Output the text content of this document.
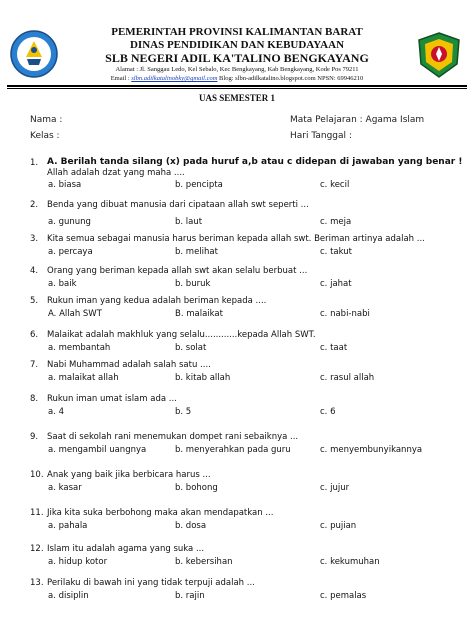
PEMERINTAH PROVINSI KALIMANTAN BARAT
DINAS PENDIDIKAN DAN KEBUDAYAAN
SLB NEGERI ADIL KA'TALINO BENGKAYANG
Alamat : Jl. Sanggau Ledo, Kel Sebalo, Kec Bengkayang, Kab Bengkayang, Kode Pos 79211
Email : slbn.adilkatalinobky@gmail.com Blog: slbn-adilkatalino.blogspot.com NPSN: 69946210
UAS SEMESTER 1
Nama :
Kelas :
Mata Pelajaran : Agama Islam
Hari Tanggal :
1. A. Berilah tanda silang (x) pada huruf a,b atau c didepan di jawaban yang benar !
Allah adalah dzat yang maha ....
a. biasa	b. pencipta	c. kecil
2. Benda yang dibuat manusia dari cipataan allah swt seperti ...
a. gunung	b. laut	c. meja
3. Kita semua sebagai manusia harus beriman kepada allah swt. Beriman artinya adalah ...
a. percaya	b. melihat	c. takut
4. Orang yang beriman kepada allah swt akan selalu berbuat ...
a. baik	b. buruk	c. jahat
5. Rukun iman yang kedua adalah beriman kepada ....
A. Allah SWT	B. malaikat	c. nabi-nabi
6. Malaikat adalah makhluk yang selalu............kepada Allah SWT.
a. membantah	b. solat	c. taat
7. Nabi Muhammad adalah salah satu ....
a. malaikat allah	b. kitab allah	c. rasul allah
8. Rukun iman umat islam ada ...
a. 4	b. 5	c. 6
9. Saat di sekolah rani menemukan dompet rani sebaiknya ...
a. mengambil uangnya	b. menyerahkan pada guru	c. menyembunyikannya
10. Anak yang baik jika berbicara harus ...
a. kasar	b. bohong	c. jujur
11. Jika kita suka berbohong maka akan mendapatkan ...
a. pahala	b. dosa	c. pujian
12. Islam itu adalah agama yang suka ...
a. hidup kotor	b. kebersihan	c. kekumuhan
13. Perilaku di bawah ini yang tidak terpuji adalah ...
a. disiplin	b. rajin	c. pemalas
